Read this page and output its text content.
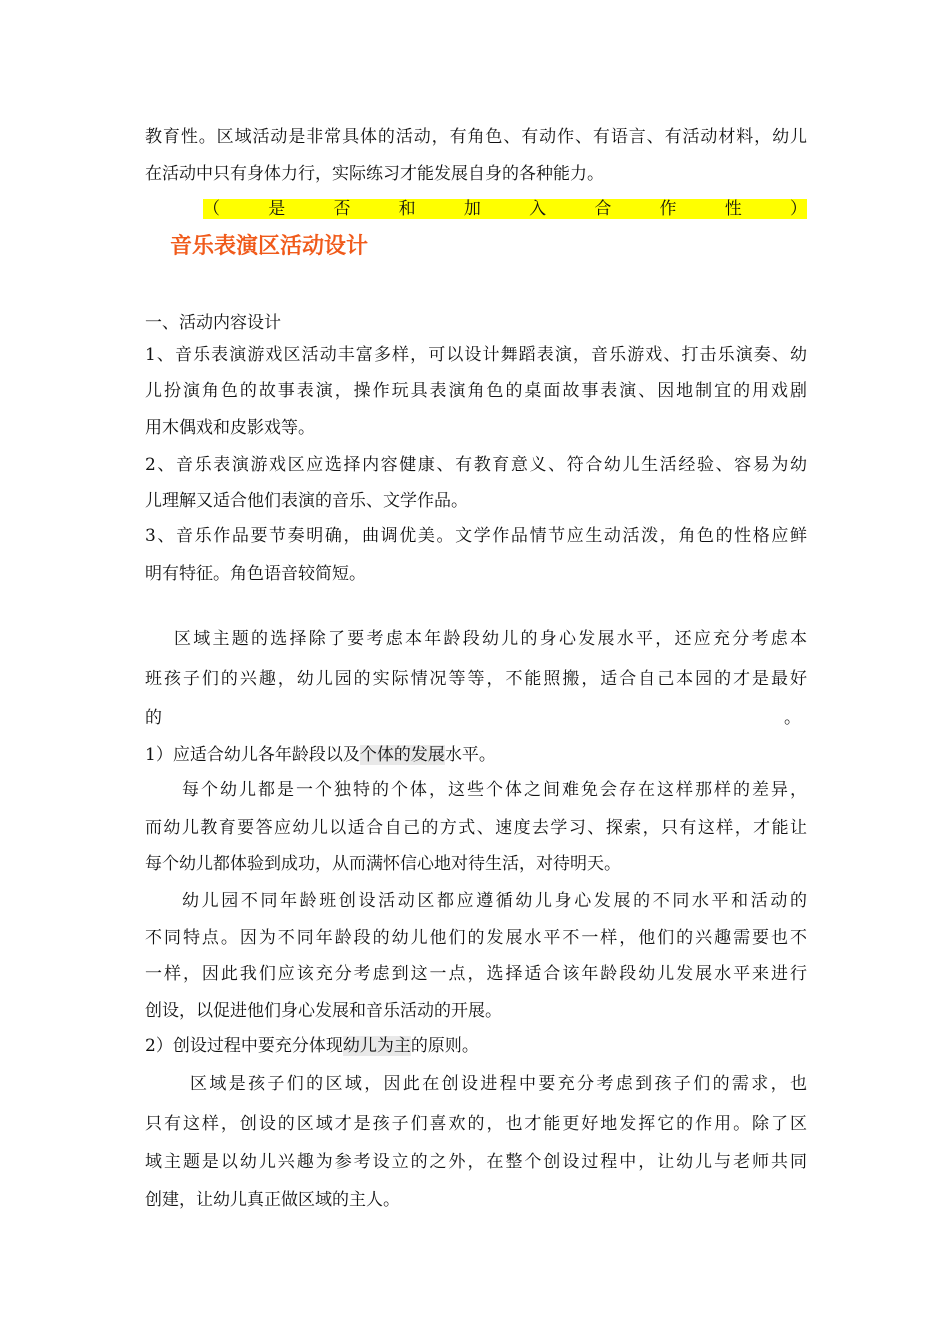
教育性。区域活动是非常具体的活动，有角色、有动作、有语言、有活动材料，幼儿
在活动中只有身体力行，实际练习才能发展自身的各种能力。
（ 是 否 和 加 入 合 作 性 ）
音乐表演区活动设计
一、活动内容设计
1、音乐表演游戏区活动丰富多样，可以设计舞蹈表演，音乐游戏、打击乐演奏、幼
儿扮演角色的故事表演，操作玩具表演角色的桌面故事表演、因地制宜的用戏剧
用木偶戏和皮影戏等。
2、音乐表演游戏区应选择内容健康、有教育意义、符合幼儿生活经验、容易为幼
儿理解又适合他们表演的音乐、文学作品。
3、音乐作品要节奏明确，曲调优美。文学作品情节应生动活泼，角色的性格应鲜
明有特征。角色语音较简短。
区域主题的选择除了要考虑本年龄段幼儿的身心发展水平，还应充分考虑本
班孩子们的兴趣，幼儿园的实际情况等等，不能照搬，适合自己本园的才是最好
的	。
1）应适合幼儿各年龄段以及个体的发展水平。
每个幼儿都是一个独特的个体，这些个体之间难免会存在这样那样的差异，
而幼儿教育要答应幼儿以适合自己的方式、速度去学习、探索，只有这样，才能让
每个幼儿都体验到成功，从而满怀信心地对待生活，对待明天。
幼儿园不同年龄班创设活动区都应遵循幼儿身心发展的不同水平和活动的
不同特点。因为不同年龄段的幼儿他们的发展水平不一样，他们的兴趣需要也不
一样，因此我们应该充分考虑到这一点，选择适合该年龄段幼儿发展水平来进行
创设，以促进他们身心发展和音乐活动的开展。
2）创设过程中要充分体现幼儿为主的原则。
区域是孩子们的区域，因此在创设进程中要充分考虑到孩子们的需求，也
只有这样，创设的区域才是孩子们喜欢的，也才能更好地发挥它的作用。除了区
域主题是以幼儿兴趣为参考设立的之外，在整个创设过程中，让幼儿与老师共同
创建，让幼儿真正做区域的主人。
